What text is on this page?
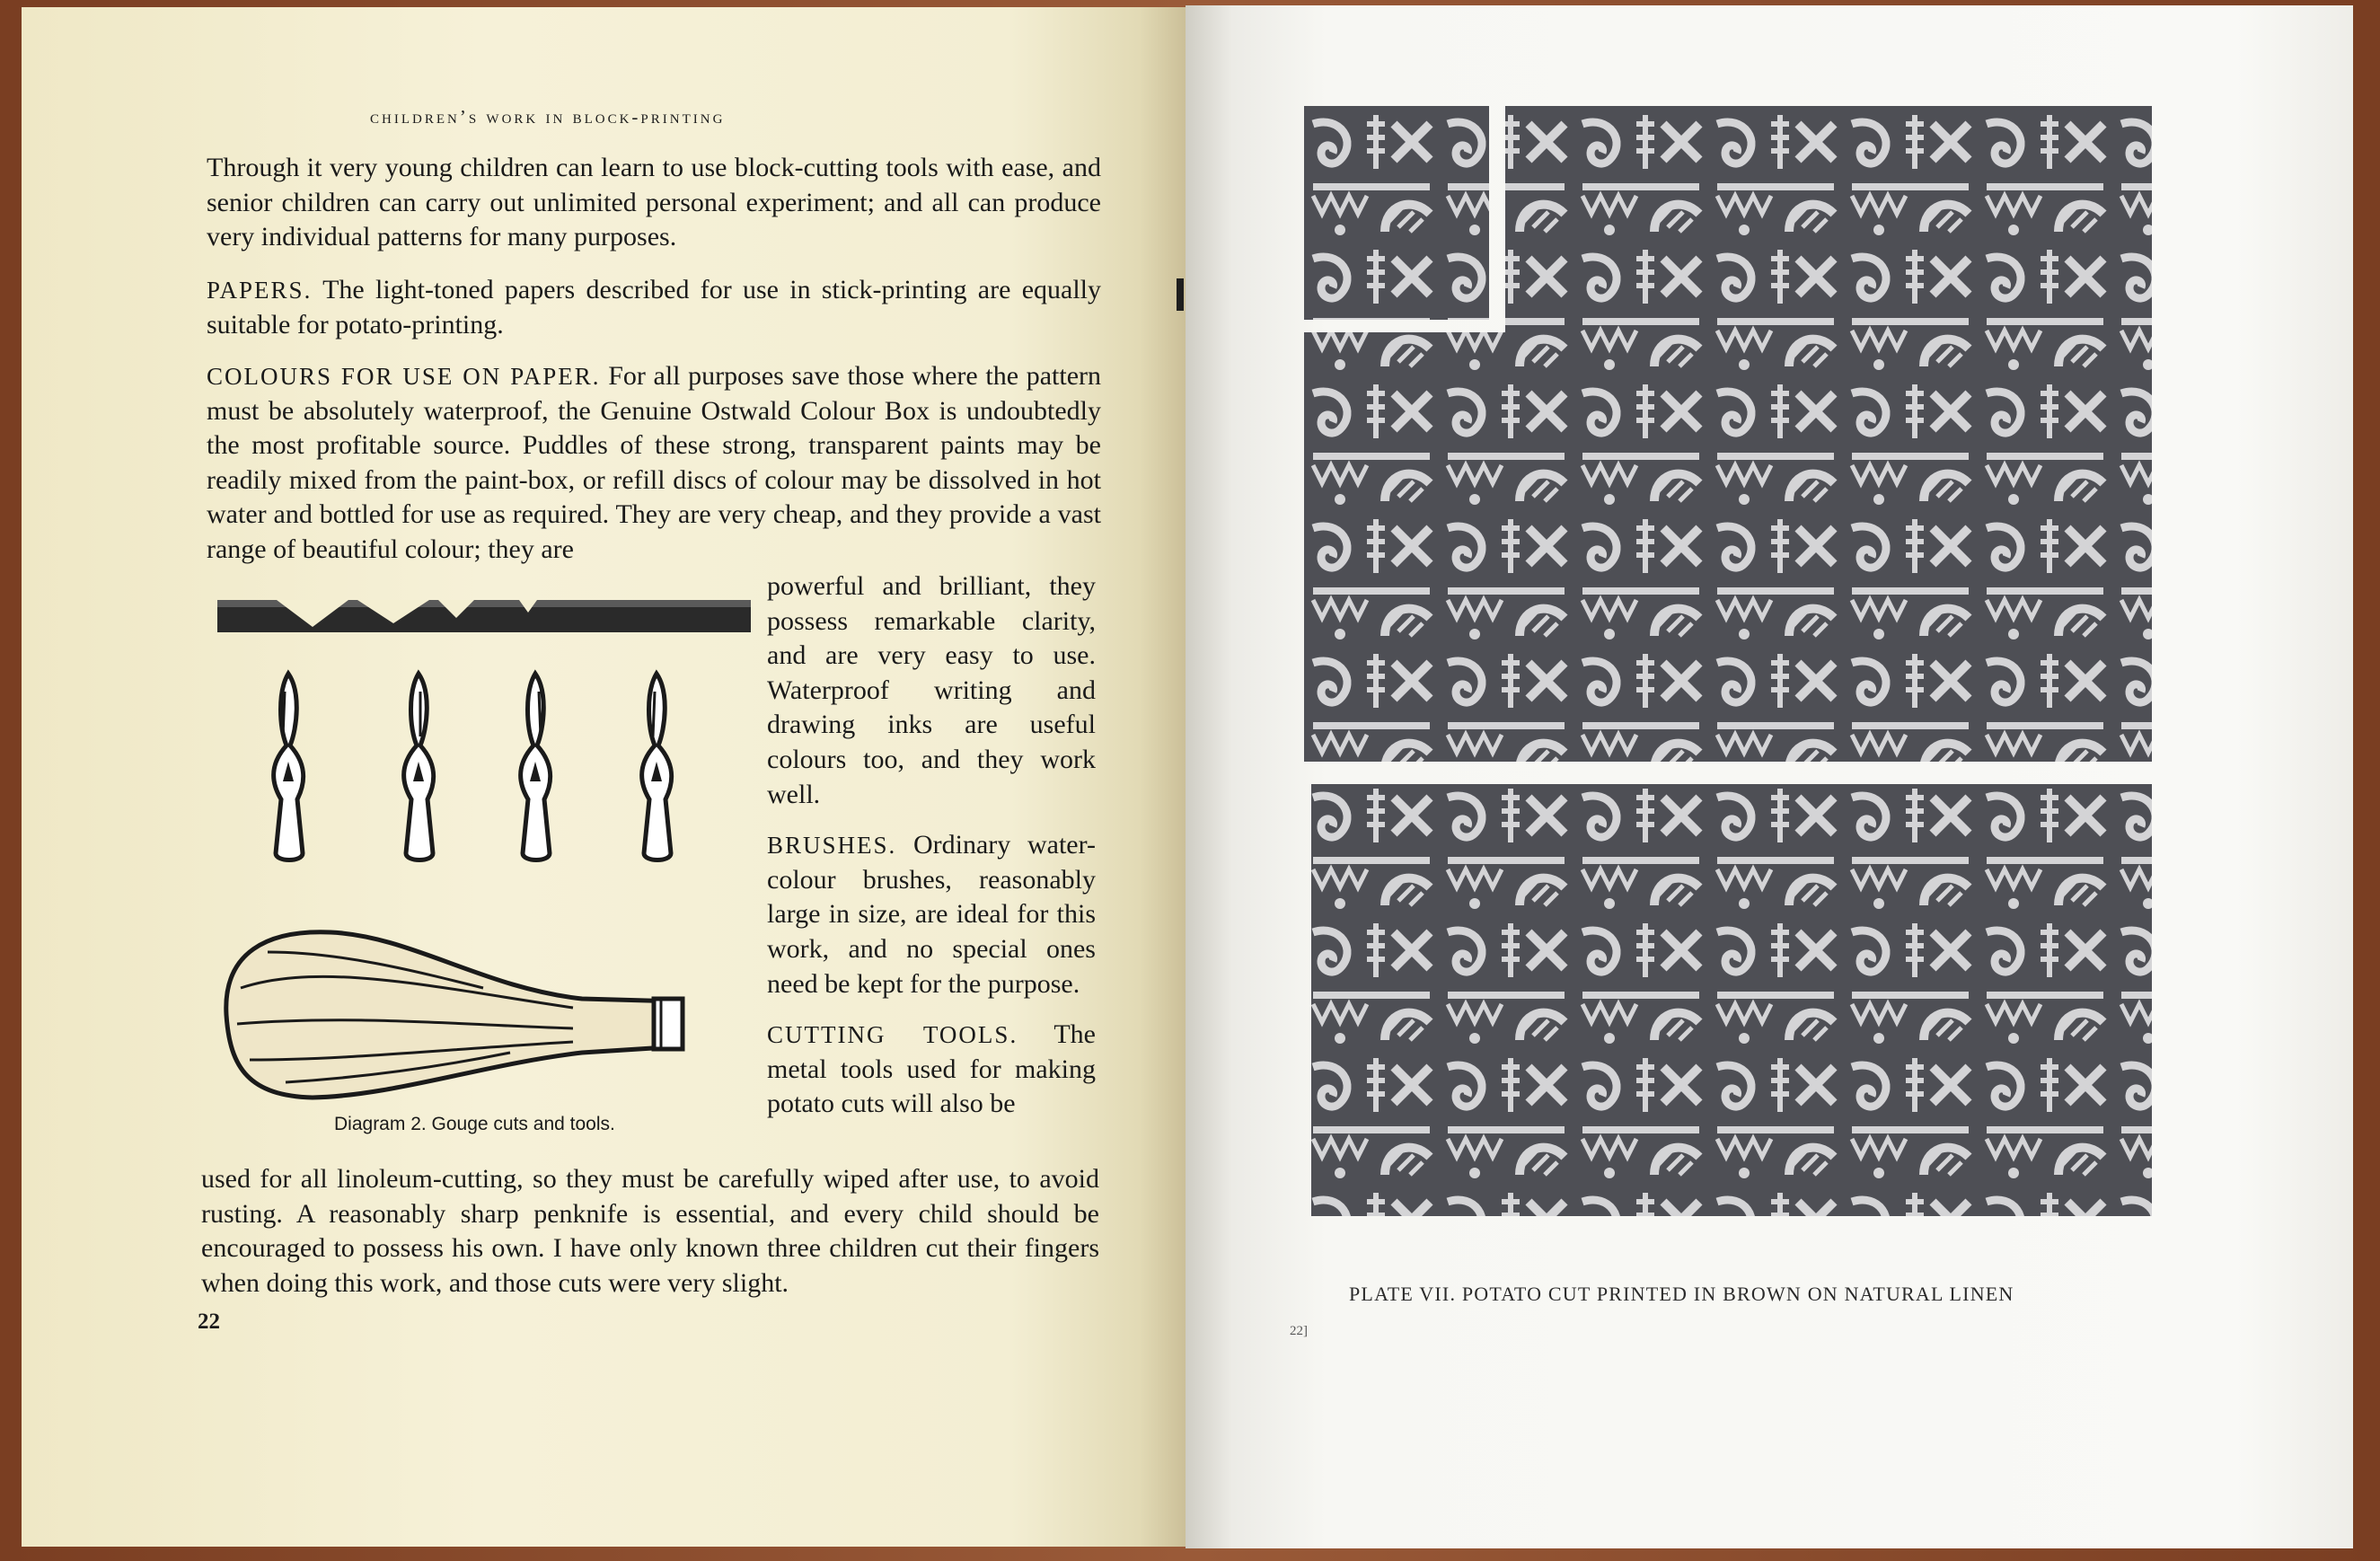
children’s work in block-printing

Through it very young children can learn to use block-cutting tools with ease, and senior children can carry out unlimited personal experiment; and all can produce very individual patterns for many purposes.

PAPERS. The light-toned papers described for use in stick-printing are equally suitable for potato-printing.

COLOURS FOR USE ON PAPER. For all purposes save those where the pattern must be absolutely waterproof, the Genuine Ostwald Colour Box is undoubtedly the most profitable source. Puddles of these strong, transparent paints may be readily mixed from the paint-box, or refill discs of colour may be dissolved in hot water and bottled for use as required. They are very cheap, and they provide a vast range of beautiful colour; they are

Diagram 2. Gouge cuts and tools.

powerful and brilliant, they possess remarkable clarity, and are very easy to use. Waterproof writing and drawing inks are useful colours too, and they work well.

BRUSHES. Ordinary water-colour brushes, reasonably large in size, are ideal for this work, and no special ones need be kept for the purpose.

CUTTING TOOLS. The metal tools used for making potato cuts will also be

used for all linoleum-cutting, so they must be carefully wiped after use, to avoid rusting. A reasonably sharp penknife is essential, and every child should be encouraged to possess his own. I have only known three children cut their fingers when doing this work, and those cuts were very slight.

22
PLATE VII. POTATO CUT PRINTED IN BROWN ON NATURAL LINEN
22]
